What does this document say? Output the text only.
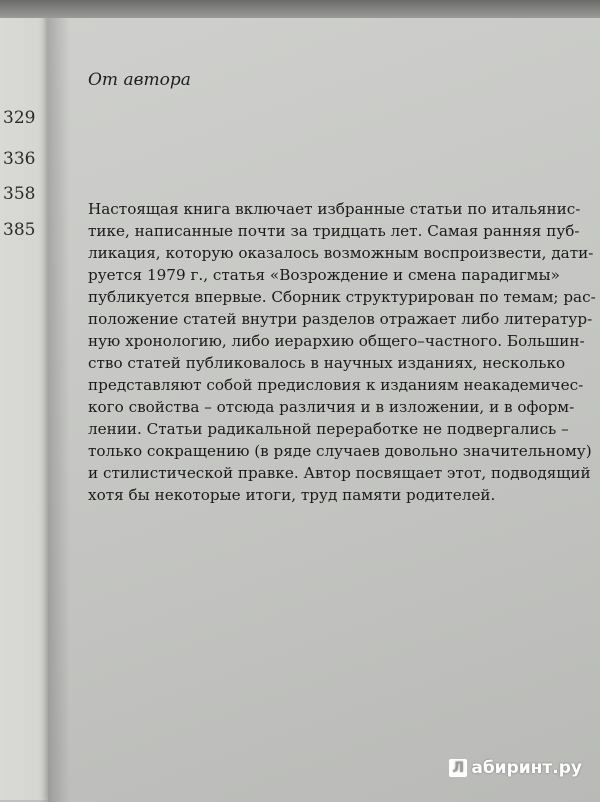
329
336
358
385
От автора
Настоящая книга включает избранные статьи по итальянис-
тике, написанные почти за тридцать лет. Самая ранняя пуб-
ликация, которую оказалось возможным воспроизвести, дати-
руется 1979 г., статья «Возрождение и смена парадигмы»
публикуется впервые. Сборник структурирован по темам; рас-
положение статей внутри разделов отражает либо литератур-
ную хронологию, либо иерархию общего–частного. Большин-
ство статей публиковалось в научных изданиях, несколько
представляют собой предисловия к изданиям неакадемичес-
кого свойства – отсюда различия и в изложении, и в оформ-
лении. Статьи радикальной переработке не подвергались –
только сокращению (в ряде случаев довольно значительному)
и стилистической правке. Автор посвящает этот, подводящий
хотя бы некоторые итоги, труд памяти родителей.
Л абиринт.ру
